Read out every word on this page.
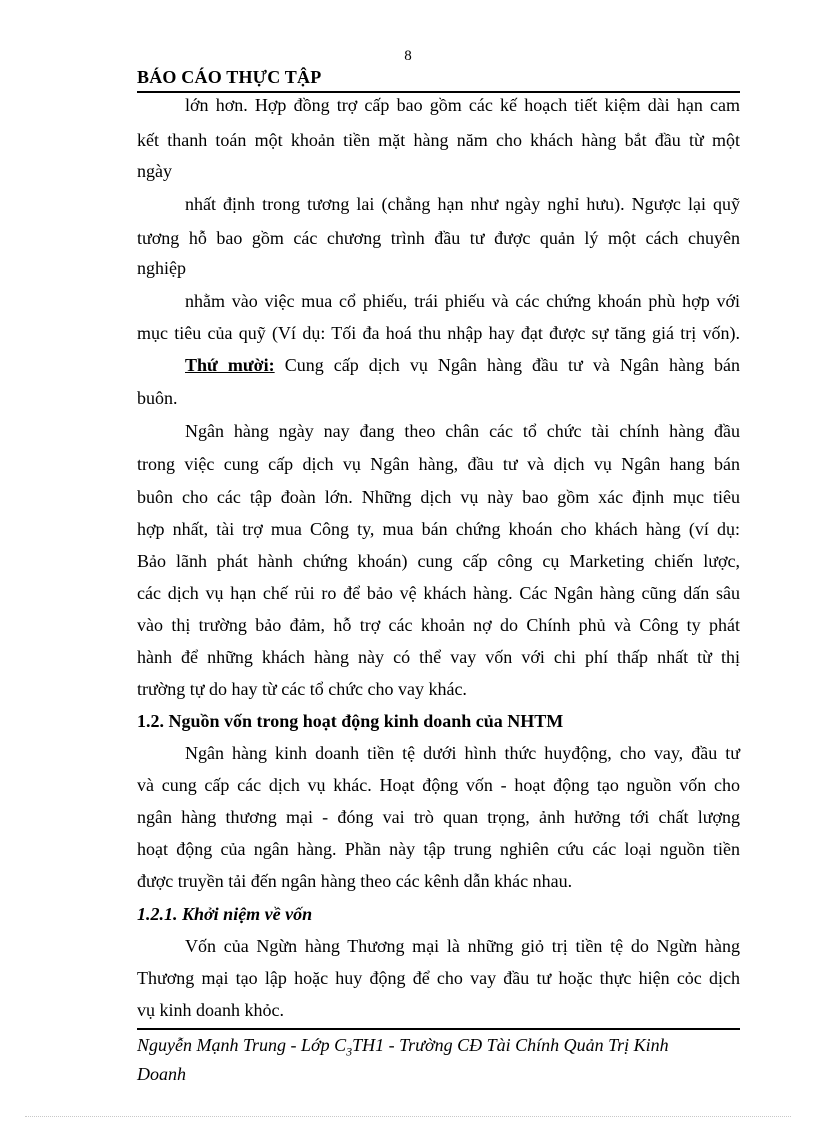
8
BÁO CÁO THỰC TẬP
lớn hơn. Hợp đồng trợ cấp bao gồm các kế hoạch tiết kiệm dài hạn cam
kết thanh toán một khoản tiền mặt hàng năm cho khách hàng bắt đầu từ một
ngày
nhất định trong tương lai (chẳng hạn như ngày nghỉ hưu). Ngược lại quỹ
tương hỗ bao gồm các chương trình đầu tư được quản lý một cách chuyên
nghiệp
nhằm vào việc mua cổ phiếu, trái phiếu và các chứng khoán phù hợp với
mục tiêu của quỹ (Ví dụ: Tối đa hoá thu nhập hay đạt được sự tăng giá trị vốn).
Thứ mười: Cung cấp dịch vụ Ngân hàng đầu tư và Ngân hàng bán
buôn.
Ngân hàng ngày nay đang theo chân các tổ chức tài chính hàng đầu
trong việc cung cấp dịch vụ Ngân hàng, đầu tư và dịch vụ Ngân hang bán
buôn cho các tập đoàn lớn. Những dịch vụ này bao gồm xác định mục tiêu
hợp nhất, tài trợ mua Công ty, mua bán chứng khoán cho khách hàng (ví dụ:
Bảo lãnh phát hành chứng khoán) cung cấp công cụ Marketing chiến lược,
các dịch vụ hạn chế rủi ro để bảo vệ khách hàng. Các Ngân hàng cũng dấn sâu
vào thị trường bảo đảm, hỗ trợ các khoản nợ do Chính phủ và Công ty phát
hành để những khách hàng này có thể vay vốn với chi phí thấp nhất từ thị
trường tự do hay từ các tổ chức cho vay khác.
1.2. Nguồn vốn trong hoạt động kinh doanh của NHTM
Ngân hàng kinh doanh tiền tệ dưới hình thức huyđộng, cho vay, đầu tư
và cung cấp các dịch vụ khác. Hoạt động vốn - hoạt động tạo nguồn vốn cho
ngân hàng thương mại - đóng vai trò quan trọng, ảnh hưởng tới chất lượng
hoạt động của ngân hàng. Phần này tập trung nghiên cứu các loại nguồn tiền
được truyền tải đến ngân hàng theo các kênh dẫn khác nhau.
1.2.1. Khởi niệm về vốn
Vốn của Ngừn hàng Thương mại là những giỏ trị tiền tệ do Ngừn hàng
Thương mại tạo lập hoặc huy động để cho vay đầu tư hoặc thực hiện cỏc dịch
vụ kinh doanh khỏc.
Nguyễn Mạnh Trung - Lớp $C_3TH1$ - Trường CĐ Tài Chính Quản Trị Kinh
Doanh
